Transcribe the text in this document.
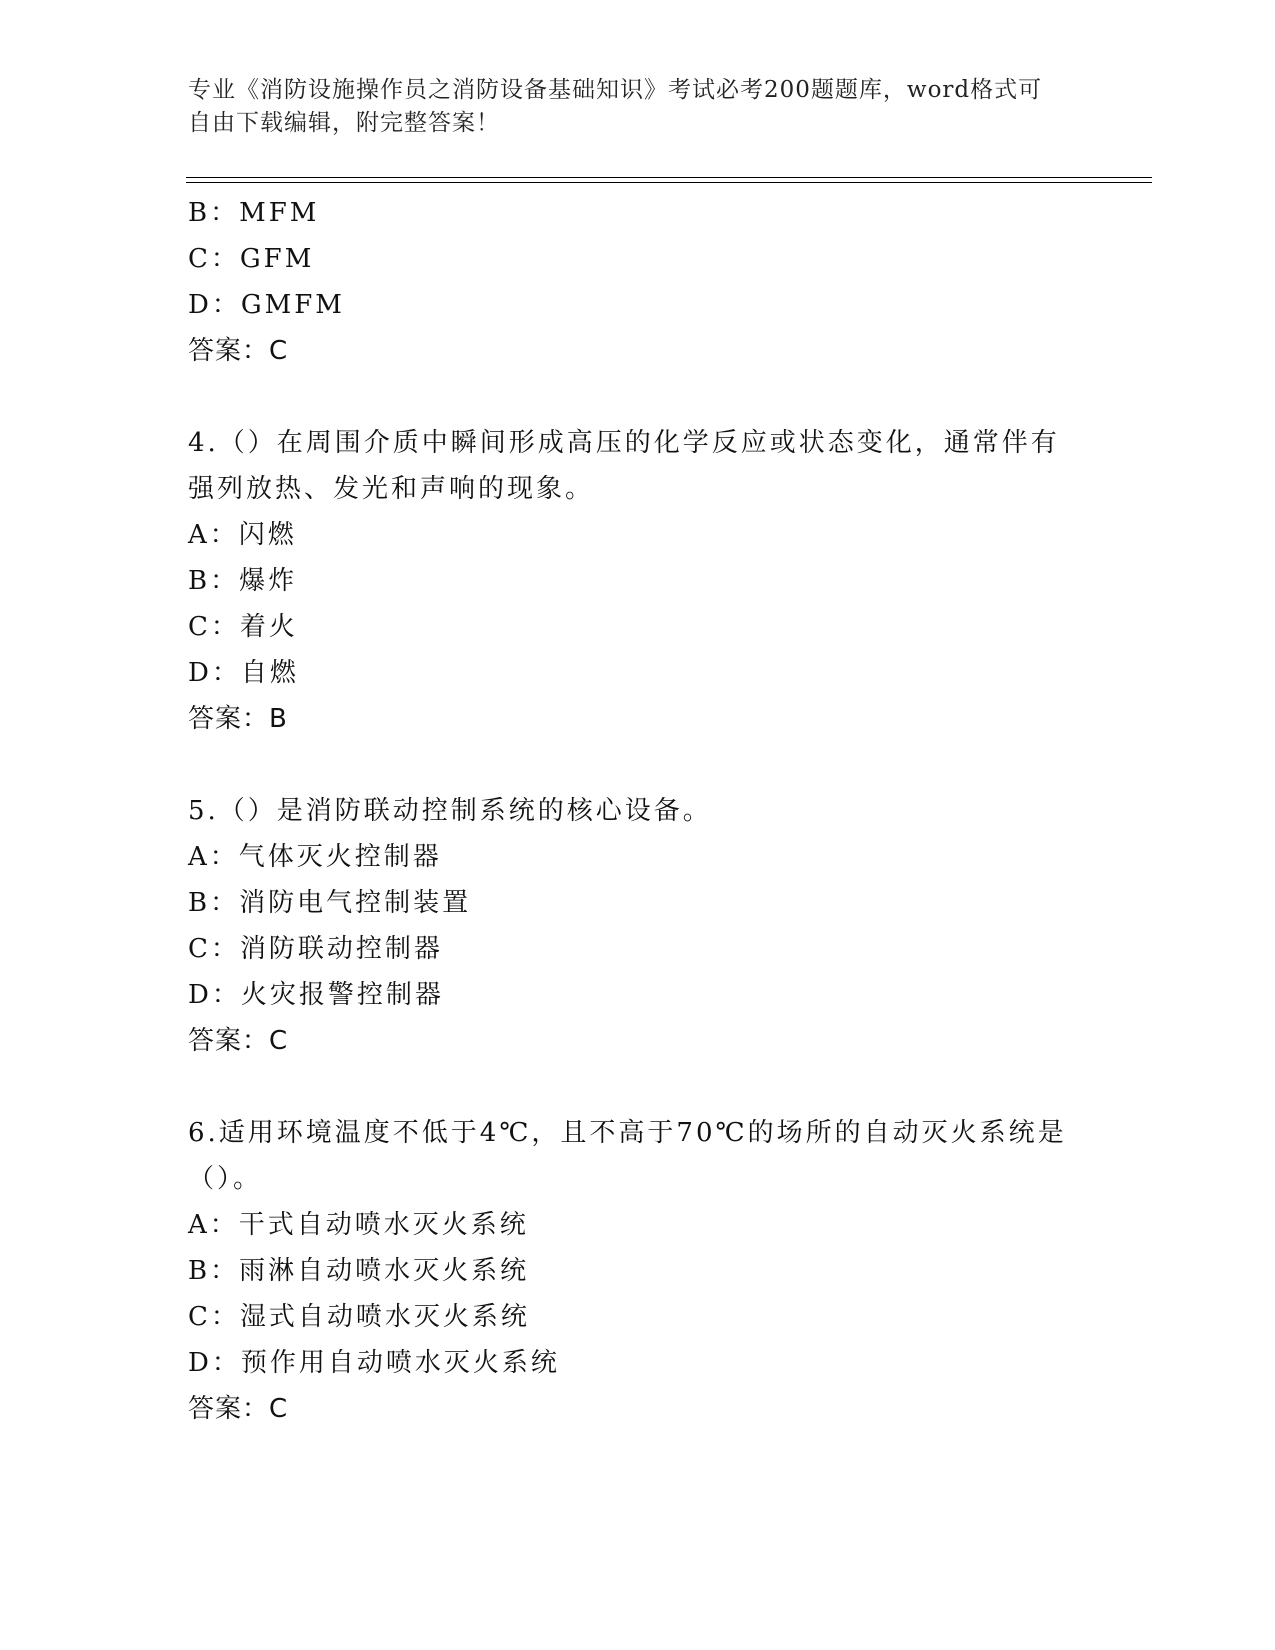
专业《消防设施操作员之消防设备基础知识》考试必考200题题库，word格式可
自由下载编辑，附完整答案！
B：MFM
C：GFM
D：GMFM
答案：C
4.（）在周围介质中瞬间形成高压的化学反应或状态变化，通常伴有
强列放热、发光和声响的现象。
A：闪燃
B：爆炸
C：着火
D：自燃
答案：B
5.（）是消防联动控制系统的核心设备。
A：气体灭火控制器
B：消防电气控制装置
C：消防联动控制器
D：火灾报警控制器
答案：C
6.适用环境温度不低于4℃，且不高于70℃的场所的自动灭火系统是
（）。
A：干式自动喷水灭火系统
B：雨淋自动喷水灭火系统
C：湿式自动喷水灭火系统
D：预作用自动喷水灭火系统
答案：C
